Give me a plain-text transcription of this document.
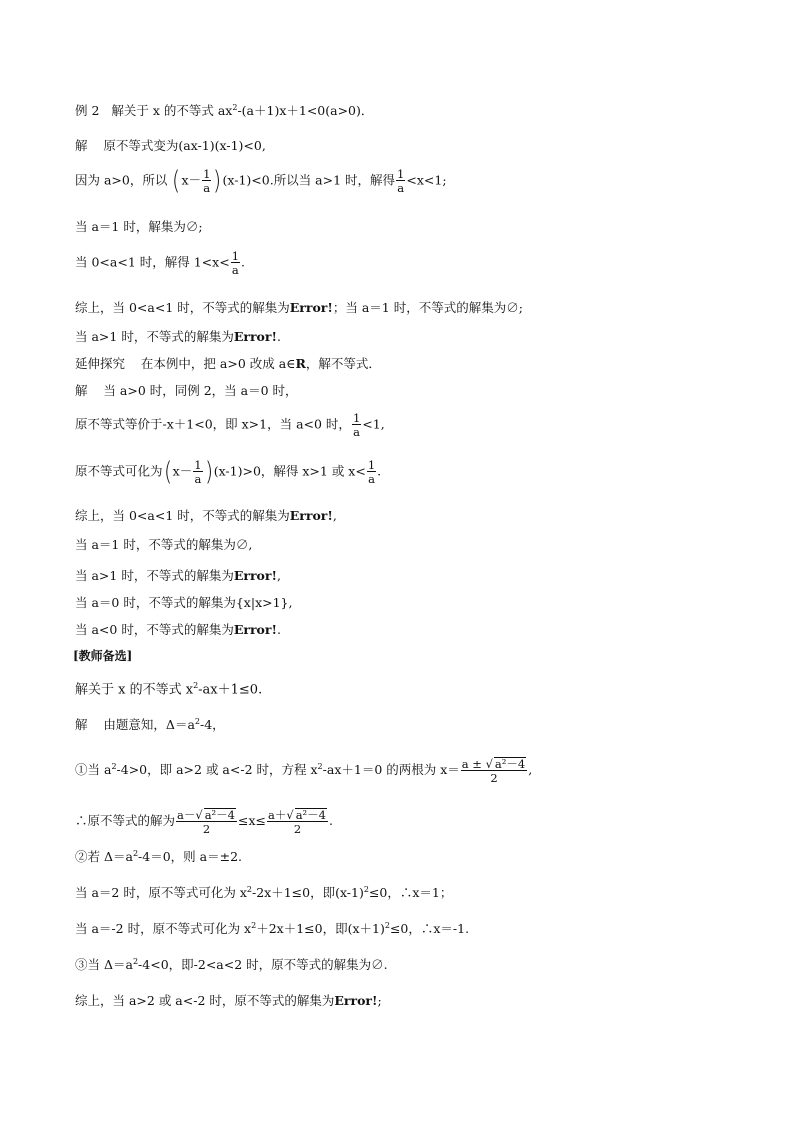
例 2 解关于 x 的不等式 $ax^2-(a+1)x+1<0(a>0)$．
解 原不等式变为(ax-1)(x-1)<0,
因为 a>0，所以 $(x- \frac{1}{a} )(x-1)<0$.所以当 a>1 时，解得 $\frac{1}{a} <x<1$;
当 a＝1 时，解集为∅;
当 0<a<1 时，解得 $1<x< \frac{1}{a}$ .
综上，当 0<a<1 时，不等式的解集为Error!；当 a＝1 时，不等式的解集为∅;
当 a>1 时，不等式的解集为Error!.
延伸探究 在本例中，把 a>0 改成 a∈R，解不等式．
解 当 a>0 时，同例 2，当 a＝0 时，
原不等式等价于-x＋1<0，即 x>1，当 a<0 时， $\frac{1}{a} <1$,
原不等式可化为$(x- \frac{1}{a} )(x-1)>0$，解得 x>1 或 $x< \frac{1}{a}$ .
综上，当 0<a<1 时，不等式的解集为Error!,
当 a＝1 时，不等式的解集为∅,
当 a>1 时，不等式的解集为Error!,
当 a＝0 时，不等式的解集为{x|x>1},
当 a<0 时，不等式的解集为Error!.
[教师备选]
解关于 x 的不等式 $x^2-ax+1\le 0$.
解 由题意知，$\Delta=a^2-4$，
①当 $a^2-4>0$，即 a>2 或 a<-2 时，方程 $x^2-ax+1=0$ 的两根为 $x= \frac{\text{a ± √ a²－4}}{2}$ ,
∴原不等式的解为 $\frac{\text{a－√ a²－4}}{2} \le x\le \frac{\text{a＋√ a²－4}}{2}$ .
②若 $\Delta=a^2-4=0$，则 a＝±2.
当 a＝2 时，原不等式可化为 $x^2-2x+1\le 0$，即$(x-1)^2\le 0$，∴x＝1；
当 a＝-2 时，原不等式可化为 $x^2+2x+1\le 0$，即$(x+1)^2\le 0$，∴x＝-1.
③当 $\Delta=a^2-4<0$，即-2<a<2 时，原不等式的解集为∅.
综上，当 a>2 或 a<-2 时，原不等式的解集为Error!;
